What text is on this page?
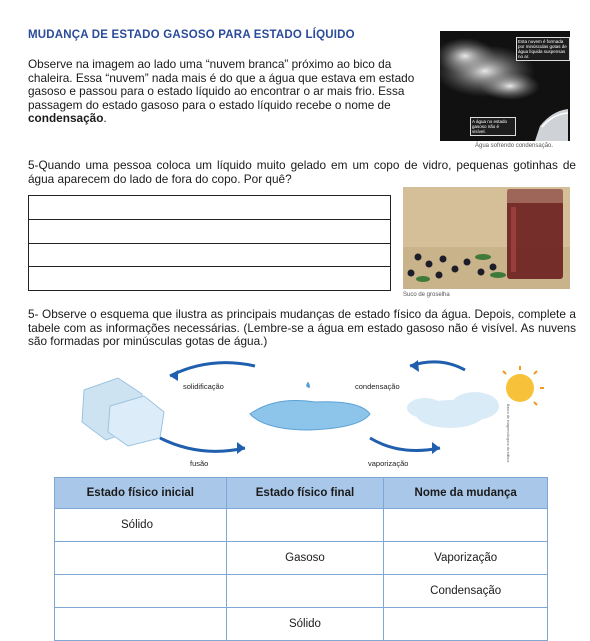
MUDANÇA DE ESTADO GASOSO PARA ESTADO LÍQUIDO
Observe na imagem ao lado uma “nuvem branca” próximo ao bico da chaleira. Essa “nuvem” nada mais é do que a água que estava em estado gasoso e passou para o estado líquido ao encontrar o ar mais frio. Essa passagem do estado gasoso para o estado líquido recebe o nome de condensação.
Esta nuvem é formada por minúsculas gotas de água líquida suspensas no ar.
A água no estado gasoso não é visível.
Água sofrendo condensação.
5-Quando uma pessoa coloca um líquido muito gelado em um copo de vidro, pequenas gotinhas de água aparecem do lado de fora do copo. Por quê?
Suco de groselha
5- Observe o esquema que ilustra as principais mudanças de estado físico da água. Depois, complete a tabele com as informações necessárias. (Lembre-se a água em estado gasoso não é visível. As nuvens são formadas por minúsculas gotas de água.)
solidificação	condensação
fusão	vaporização
Banco de imagens/Arquivo da editora
Estado físico inicial	Estado físico final	Nome da mudança
Sólido		
	Gasoso	Vaporização
		Condensação
	Sólido	
